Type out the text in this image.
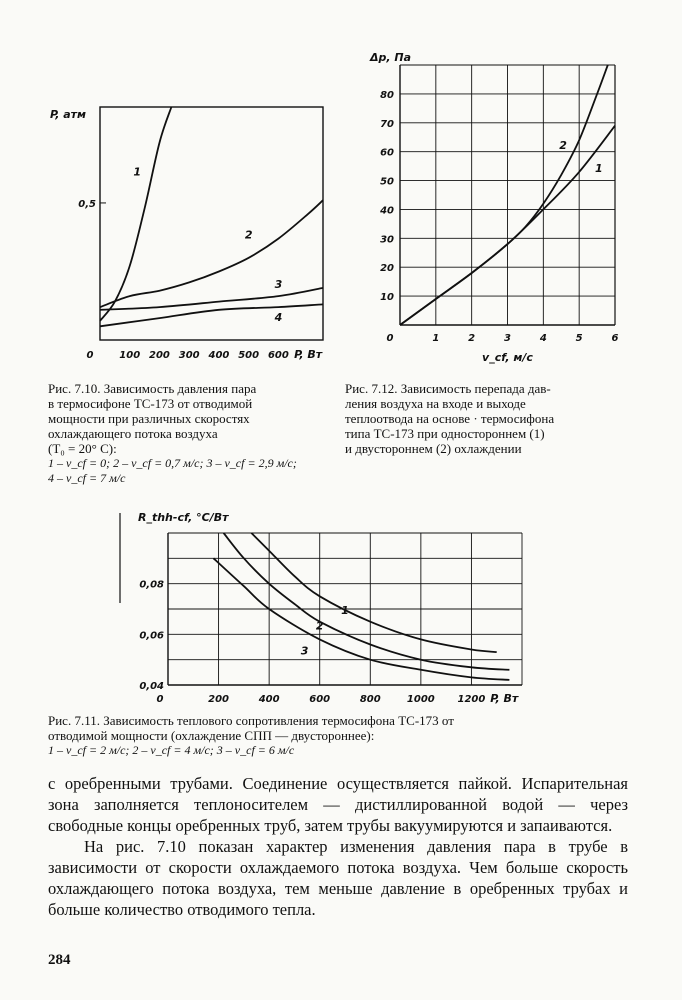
P, атм
0	100 200 300 400 500 600 P, Вт
0,5
1
2
3
4
Δp, Па
10
20
30
40
50
60
70
80
0	1	2	3	4	5	6
v_cf, м/с
1
2
R_thh-cf, °C/Вт
0,04
0,06
0,08
0	200	400	600	800	1000 1200 P, Вт
1
2
3

Рис. 7.10. Зависимость давления пара

в термосифоне ТС-173 от отводимой

мощности при различных скоростях

охлаждающего потока воздуха

(T₀ = 20° C):

1 – v_cf = 0; 2 – v_cf = 0,7 м/с; 3 – v_cf = 2,9 м/с;

4 – v_cf = 7 м/с

Рис. 7.12. Зависимость перепада дав-

ления воздуха на входе и выходе

теплоотвода на основе · термосифона

типа ТС-173 при одностороннем (1)

и двустороннем (2) охлаждении

Рис. 7.11. Зависимость теплового сопротивления термосифона ТС-173 от

отводимой мощности (охлаждение СПП — двустороннее):

1 – v_cf = 2 м/с; 2 – v_cf = 4 м/с; 3 – v_cf = 6 м/с

с оребренными трубами. Соединение осуществляется пайкой. Испарительная зона заполняется теплоносителем — дистиллированной водой — через свободные концы оребренных труб, затем трубы вакуумируются и запаиваются.

На рис. 7.10 показан характер изменения давления пара в трубе в зависимости от скорости охлаждаемого потока воздуха. Чем больше скорость охлаждающего потока воздуха, тем меньше давление в оребренных трубах и больше количество отводимого тепла.

284
